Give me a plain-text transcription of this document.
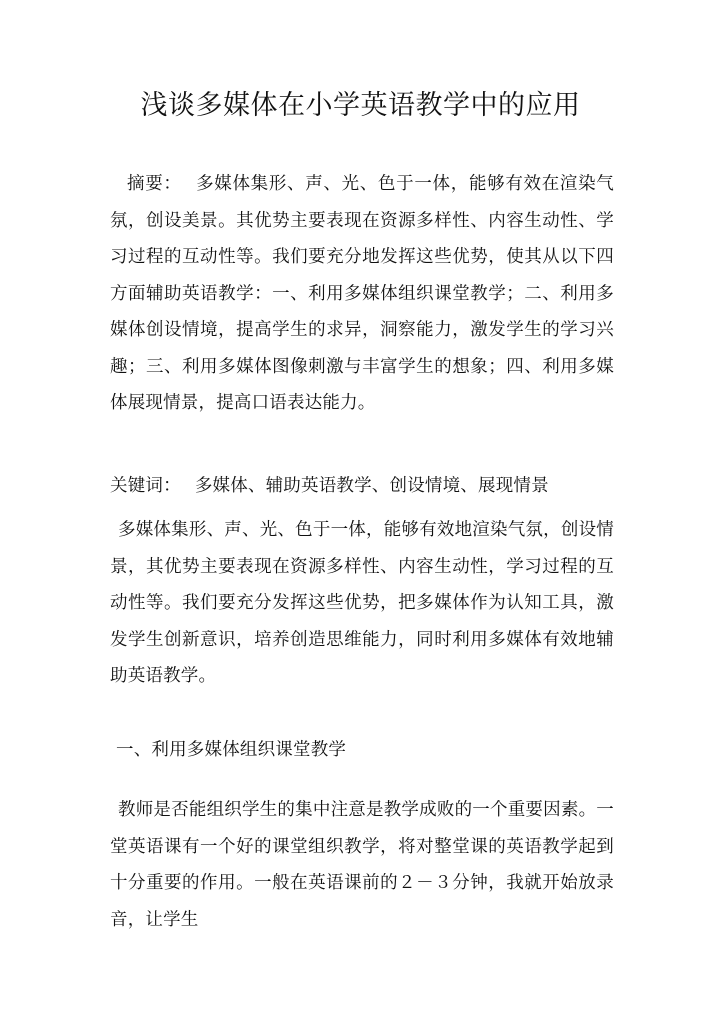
浅谈多媒体在小学英语教学中的应用
摘要： 多媒体集形、声、光、色于一体，能够有效在渲染气氛，创设美景。其优势主要表现在资源多样性、内容生动性、学习过程的互动性等。我们要充分地发挥这些优势，使其从以下四方面辅助英语教学：一、利用多媒体组织课堂教学；二、利用多媒体创设情境，提高学生的求异，洞察能力，激发学生的学习兴趣；三、利用多媒体图像刺激与丰富学生的想象；四、利用多媒体展现情景，提高口语表达能力。
关键词： 多媒体、辅助英语教学、创设情境、展现情景
多媒体集形、声、光、色于一体，能够有效地渲染气氛，创设情景，其优势主要表现在资源多样性、内容生动性，学习过程的互动性等。我们要充分发挥这些优势，把多媒体作为认知工具，激发学生创新意识，培养创造思维能力，同时利用多媒体有效地辅助英语教学。
一、利用多媒体组织课堂教学
教师是否能组织学生的集中注意是教学成败的一个重要因素。一堂英语课有一个好的课堂组织教学，将对整堂课的英语教学起到十分重要的作用。一般在英语课前的２－３分钟，我就开始放录音，让学生
